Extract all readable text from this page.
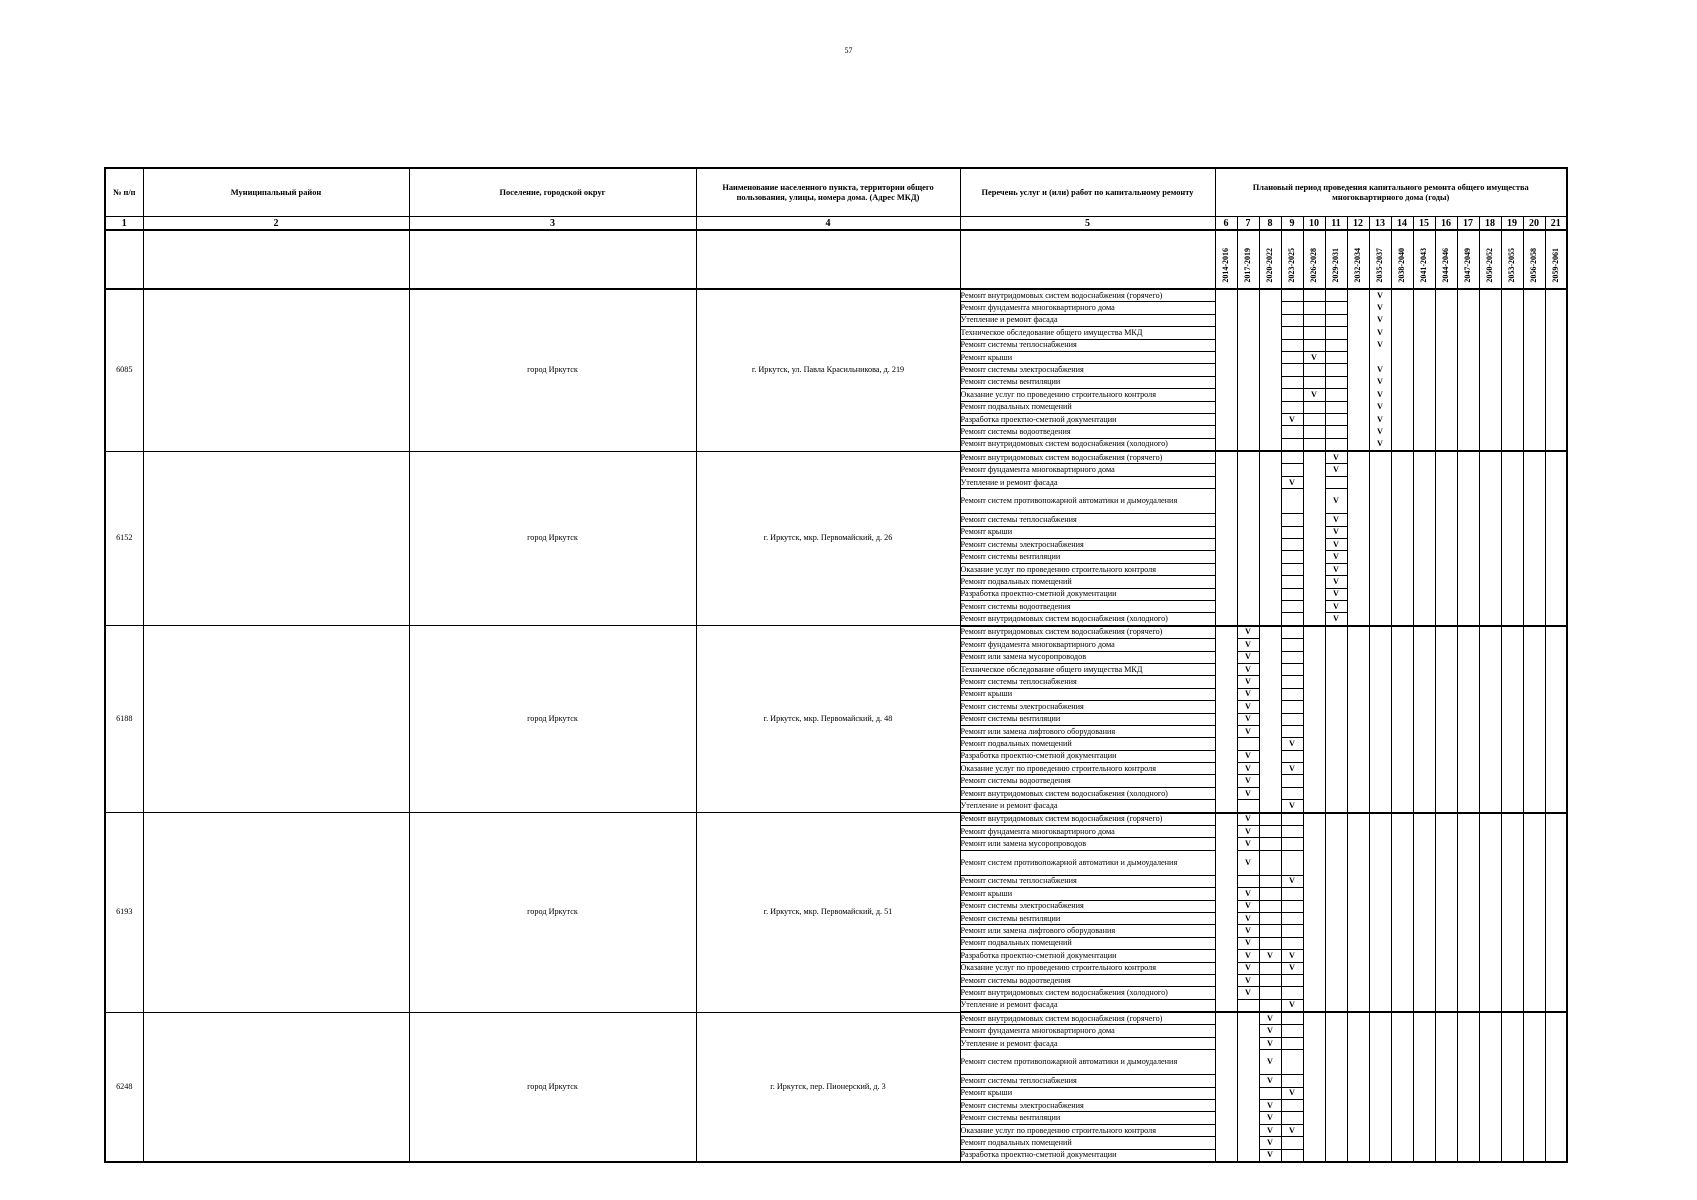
57
№ п/п	Муниципальный район	Поселение, городской округ	Наименование населенного пункта, территории общего пользования, улицы, номера дома. (Адрес МКД)	Перечень услуг и (или) работ по капитальному ремонту	Плановый период проведения капитального ремонта общего имущества многоквартирного дома (годы)															
1	2	3	4	5	6	7	8	9	10	11	12	13	14	15	16	17	18	19	20	21
					2014-2016	2017-2019	2020-2022	2023-2025	2026-2028	2029-2031	2032-2034	2035-2037	2038-2040	2041-2043	2044-2046	2047-2049	2050-2052	2053-2055	2056-2058	2059-2061
6085		город Иркутск	г. Иркутск, ул. Павла Красильникова, д. 219	Ремонт внутридомовых систем водоснабжения (горячего)								V								
				Ремонт фундамента многоквартирного дома								V								
				Утепление и ремонт фасада								V								
				Техническое обследование общего имущества МКД								V								
				Ремонт системы теплоснабжения								V								
				Ремонт крыши					V											
				Ремонт системы электроснабжения								V								
				Ремонт системы вентиляции								V								
				Оказание услуг по проведению строительного контроля					V			V								
				Ремонт подвальных помещений								V								
				Разработка проектно-сметной документации				V				V								
				Ремонт системы водоотведения								V								
				Ремонт внутридомовых систем водоснабжения (холодного)								V								
6152		город Иркутск	г. Иркутск, мкр. Первомайский, д. 26	Ремонт внутридомовых систем водоснабжения (горячего)						V										
				Ремонт фундамента многоквартирного дома						V										
				Утепление и ремонт фасада				V												
				Ремонт систем противопожарной автоматики и дымоудаления						V										
				Ремонт системы теплоснабжения						V										
				Ремонт крыши						V										
				Ремонт системы электроснабжения						V										
				Ремонт системы вентиляции						V										
				Оказание услуг по проведению строительного контроля						V										
				Ремонт подвальных помещений						V										
				Разработка проектно-сметной документации						V										
				Ремонт системы водоотведения						V										
				Ремонт внутридомовых систем водоснабжения (холодного)						V										
6188		город Иркутск	г. Иркутск, мкр. Первомайский, д. 48	Ремонт внутридомовых систем водоснабжения (горячего)		V														
				Ремонт фундамента многоквартирного дома		V														
				Ремонт или замена мусоропроводов		V														
				Техническое обследование общего имущества МКД		V														
				Ремонт системы теплоснабжения		V														
				Ремонт крыши		V														
				Ремонт системы электроснабжения		V														
				Ремонт системы вентиляции		V														
				Ремонт или замена лифтового оборудования		V														
				Ремонт подвальных помещений				V												
				Разработка проектно-сметной документации		V														
				Оказание услуг по проведению строительного контроля		V		V												
				Ремонт системы водоотведения		V														
				Ремонт внутридомовых систем водоснабжения (холодного)		V														
				Утепление и ремонт фасада				V												
6193		город Иркутск	г. Иркутск, мкр. Первомайский, д. 51	Ремонт внутридомовых систем водоснабжения (горячего)		V														
				Ремонт фундамента многоквартирного дома		V														
				Ремонт или замена мусоропроводов		V														
				Ремонт систем противопожарной автоматики и дымоудаления		V														
				Ремонт системы теплоснабжения				V												
				Ремонт крыши		V														
				Ремонт системы электроснабжения		V														
				Ремонт системы вентиляции		V														
				Ремонт или замена лифтового оборудования		V														
				Ремонт подвальных помещений		V														
				Разработка проектно-сметной документации		V	V	V												
				Оказание услуг по проведению строительного контроля		V		V												
				Ремонт системы водоотведения		V														
				Ремонт внутридомовых систем водоснабжения (холодного)		V														
				Утепление и ремонт фасада				V												
6248		город Иркутск	г. Иркутск, пер. Пионерский, д. 3	Ремонт внутридомовых систем водоснабжения (горячего)			V													
				Ремонт фундамента многоквартирного дома			V													
				Утепление и ремонт фасада			V													
				Ремонт систем противопожарной автоматики и дымоудаления			V													
				Ремонт системы теплоснабжения			V													
				Ремонт крыши				V												
				Ремонт системы электроснабжения			V													
				Ремонт системы вентиляции			V													
				Оказание услуг по проведению строительного контроля			V	V												
				Ремонт подвальных помещений			V													
				Разработка проектно-сметной документации			V													
